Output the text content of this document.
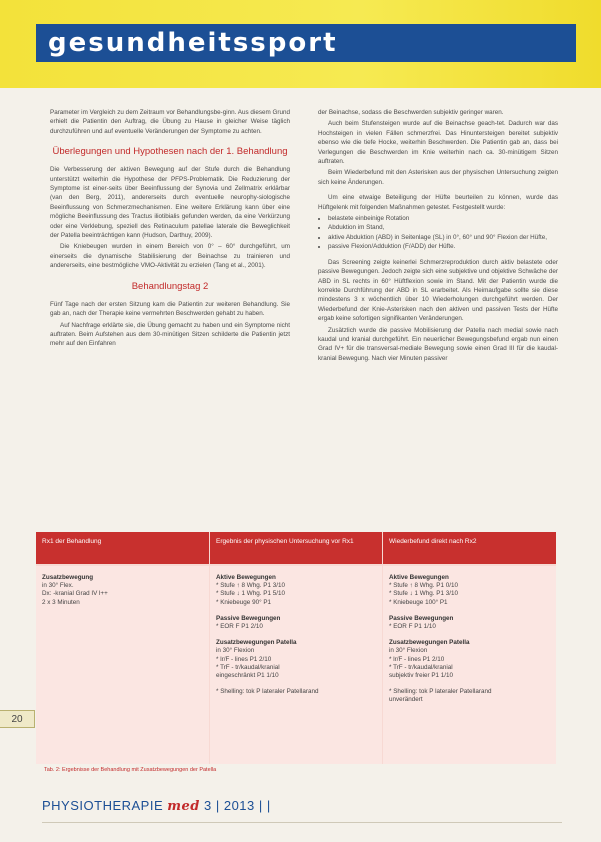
gesundheitssport

Parameter im Vergleich zu dem Zeitraum vor Behandlungsbe-ginn. Aus diesem Grund erhielt die Patientin den Auftrag, die Übung zu Hause in gleicher Weise täglich durchzuführen und auf eventuelle Veränderungen der Symptome zu achten.

Überlegungen und Hypothesen nach der 1. Behandlung

Die Verbesserung der aktiven Bewegung auf der Stufe durch die Behandlung unterstützt weiterhin die Hypothese der PFPS-Problematik. Die Reduzierung der Symptome ist einer-seits über Beeinflussung der Synovia und Zellmatrix erklärbar (van den Berg, 2011), andererseits durch eventuelle neurophy-siologische Beeinflussung von Schmerzmechanismen. Eine weitere Erklärung kann über eine mögliche Beeinflussung des Tractus iliotibialis gefunden werden, da eine Verkürzung oder eine Verklebung, speziell des Retinaculum patellae laterale die Beweglichkeit der Patella beeinträchtigen kann (Hudson, Darthuy, 2009).

Die Kniebeugen wurden in einem Bereich von 0° – 60° durchgeführt, um einerseits die dynamische Stabilisierung der Beinachse zu trainieren und andererseits, eine bestmögliche VMO-Aktivität zu erzielen (Tang et al., 2001).

Behandlungstag 2

Fünf Tage nach der ersten Sitzung kam die Patientin zur weiteren Behandlung. Sie gab an, nach der Therapie keine vermehrten Beschwerden gehabt zu haben.

Auf Nachfrage erklärte sie, die Übung gemacht zu haben und ein Symptome nicht auftraten. Beim Aufstehen aus dem 30-minütigen Sitzen schilderte die Patientin jetzt mehr auf den Einfahren

der Beinachse, sodass die Beschwerden subjektiv geringer waren.

Auch beim Stufensteigen wurde auf die Beinachse geach-tet. Dadurch war das Hochsteigen in vielen Fällen schmerzfrei. Das Hinuntersteigen bereitet subjektiv ebenso wie die tiefe Hocke, weiterhin Beschwerden. Die Patientin gab an, dass bei Verlegungen die Beschwerden im Knie weiterhin nach ca. 30-minütigem Sitzen auftraten.

Beim Wiederbefund mit den Asterisken aus der physischen Untersuchung zeigten sich keine Änderungen.

Um eine etwaige Beteiligung der Hüfte beurteilen zu können, wurde das Hüftgelenk mit folgenden Maßnahmen getestet. Festgestellt wurde:

• belastete einbeinige Rotation
• Abduktion im Stand,
• aktive Abduktion (ABD) in Seitenlage (SL) in 0°, 60° und 90° Flexion der Hüfte,
• passive Flexion/Adduktion (F/ADD) der Hüfte.

Das Screening zeigte keinerlei Schmerzreproduktion durch aktiv belastete oder passive Bewegungen. Jedoch zeigte sich eine subjektive und objektive Schwäche der ABD in SL rechts in 60° Hüftflexion sowie im Stand. Mit der Patientin wurde die korrekte Durchführung der ABD in SL erarbeitet. Als Heimaufgabe sollte sie diese mindestens 3 x wöchentlich über 10 Wiederholungen durchgeführt werden. Der Wiederbefund der Knie-Asterisken nach den aktiven und passiven Tests der Hüfte ergab keine sofortigen signifikanten Veränderungen.

Zusätzlich wurde die passive Mobilisierung der Patella nach medial sowie nach kaudal und kranial durchgeführt. Ein neuerlicher Bewegungsbefund ergab nun einen Grad IV+ für die transversal-mediale Bewegung sowie einen Grad III für die kaudal-kranial Bewegung. Nach vier Minuten passiver

Rx1 der Behandlung	Ergebnis der physischen Untersuchung vor Rx1	Wiederbefund direkt nach Rx2
Zusatzbewegung
in 30° Flex.
Dx: -kranial Grad IV l++
2 x 3 Minuten
Aktive Bewegungen
* Stufe ↑ 8 Whg. P1 3/10
* Stufe ↓ 1 Whg. P1 5/10
* Kniebeuge 90° P1
Passive Bewegungen
* EOR F P1 2/10
Zusatzbewegungen Patella
in 30° Flexion
* lr/F - lines P1 2/10
* TrF - tr/kaudal/kranial
eingeschränkt P1 1/10
* Shelling: tok P lateraler Patellarand
Aktive Bewegungen
* Stufe ↑ 8 Whg. P1 0/10
* Stufe ↓ 1 Whg. P1 3/10
* Kniebeuge 100° P1
Passive Bewegungen
* EOR F P1 1/10
Zusatzbewegungen Patella
in 30° Flexion
* lr/F - lines P1 2/10
* TrF - tr/kaudal/kranial
subjektiv freier P1 1/10
* Shelling: tok P lateraler Patellarand
unverändert
Tab. 2: Ergebnisse der Behandlung mit Zusatzbewegungen der Patella
20
PHYSIOTHERAPIE med 3 | 2013 | |
